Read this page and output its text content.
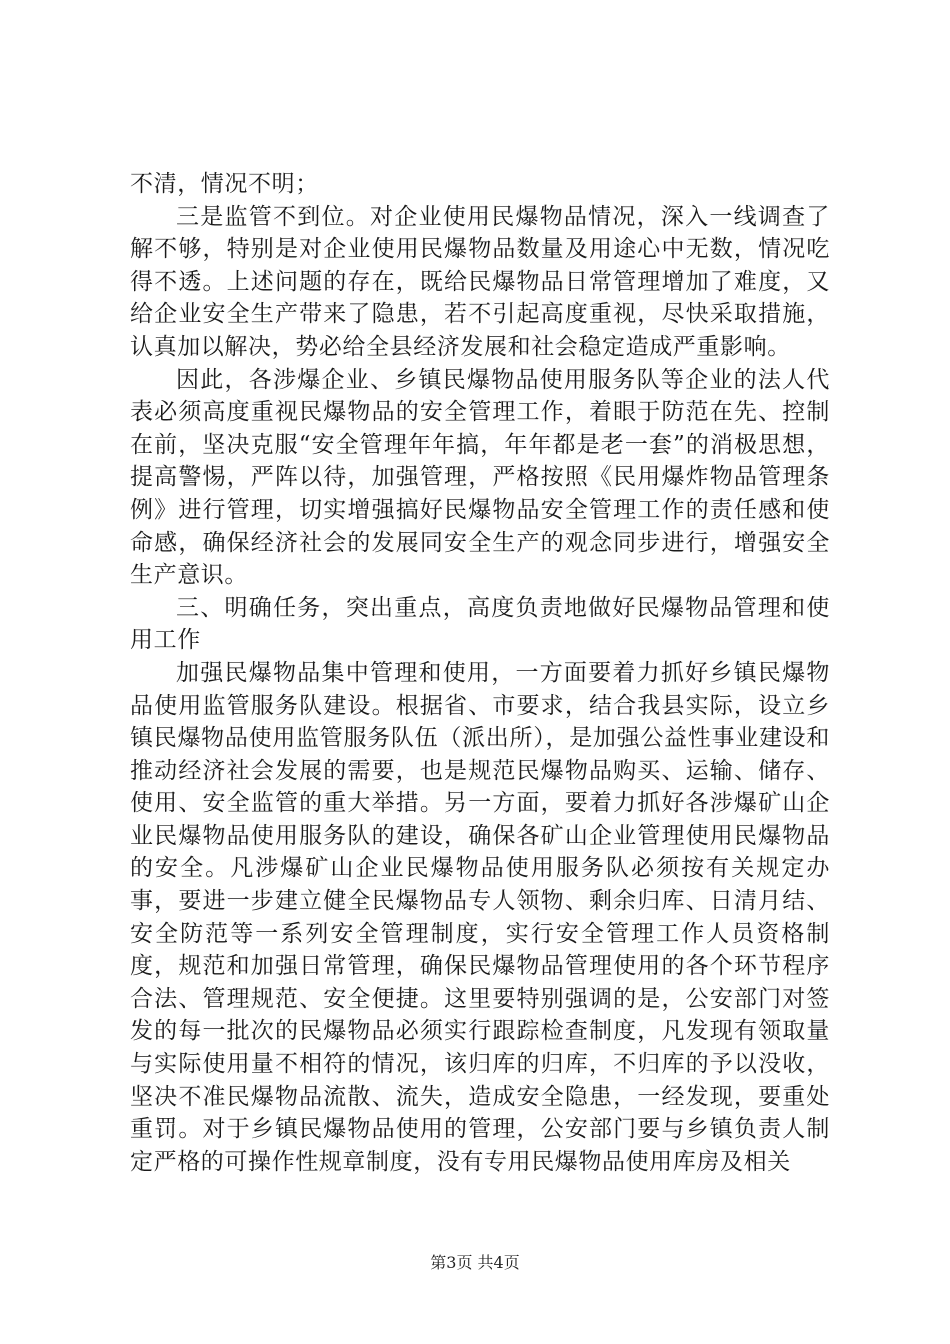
不清，情况不明；

三是监管不到位。对企业使用民爆物品情况，深入一线调查了解不够，特别是对企业使用民爆物品数量及用途心中无数，情况吃得不透。上述问题的存在，既给民爆物品日常管理增加了难度，又给企业安全生产带来了隐患，若不引起高度重视，尽快采取措施，认真加以解决，势必给全县经济发展和社会稳定造成严重影响。

因此，各涉爆企业、乡镇民爆物品使用服务队等企业的法人代表必须高度重视民爆物品的安全管理工作，着眼于防范在先、控制在前，坚决克服“安全管理年年搞，年年都是老一套”的消极思想，提高警惕，严阵以待，加强管理，严格按照《民用爆炸物品管理条例》进行管理，切实增强搞好民爆物品安全管理工作的责任感和使命感，确保经济社会的发展同安全生产的观念同步进行，增强安全生产意识。

三、明确任务，突出重点，高度负责地做好民爆物品管理和使用工作

加强民爆物品集中管理和使用，一方面要着力抓好乡镇民爆物品使用监管服务队建设。根据省、市要求，结合我县实际，设立乡镇民爆物品使用监管服务队伍（派出所），是加强公益性事业建设和推动经济社会发展的需要，也是规范民爆物品购买、运输、储存、使用、安全监管的重大举措。另一方面，要着力抓好各涉爆矿山企业民爆物品使用服务队的建设，确保各矿山企业管理使用民爆物品的安全。凡涉爆矿山企业民爆物品使用服务队必须按有关规定办事，要进一步建立健全民爆物品专人领物、剩余归库、日清月结、安全防范等一系列安全管理制度，实行安全管理工作人员资格制度，规范和加强日常管理，确保民爆物品管理使用的各个环节程序合法、管理规范、安全便捷。这里要特别强调的是，公安部门对签发的每一批次的民爆物品必须实行跟踪检查制度，凡发现有领取量与实际使用量不相符的情况，该归库的归库，不归库的予以没收，坚决不准民爆物品流散、流失，造成安全隐患，一经发现，要重处重罚。对于乡镇民爆物品使用的管理，公安部门要与乡镇负责人制定严格的可操作性规章制度，没有专用民爆物品使用库房及相关

第3页 共4页
